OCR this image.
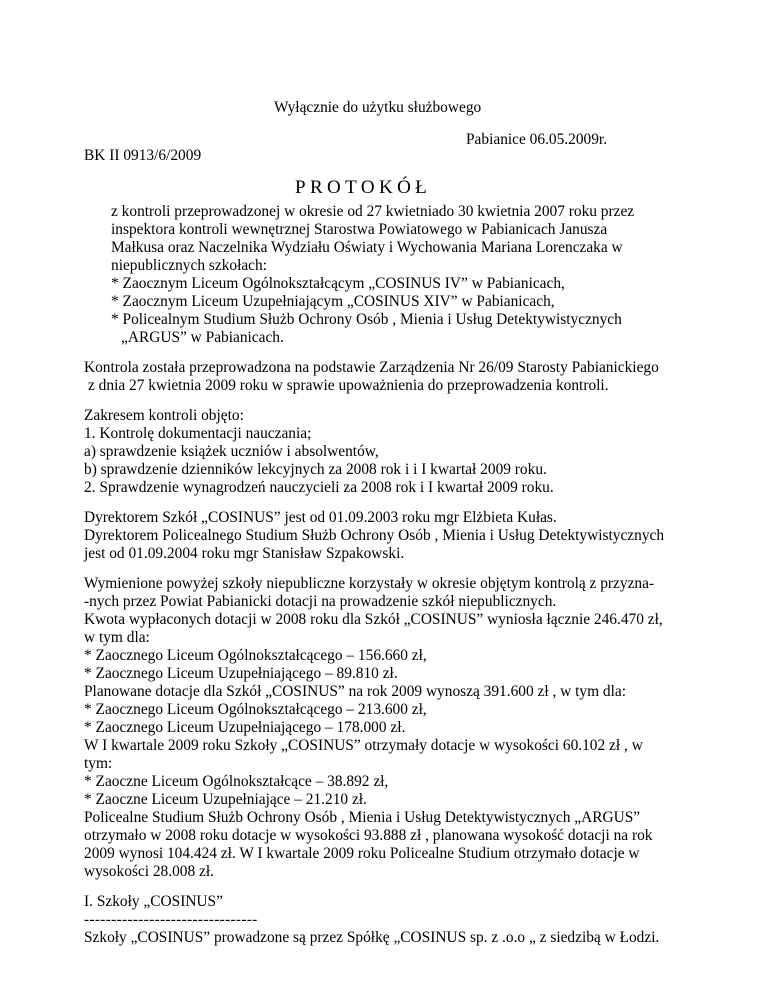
Wyłącznie do użytku służbowego
Pabianice 06.05.2009r.
BK II 0913/6/2009
PROTOKÓŁ
z kontroli przeprowadzonej w okresie od 27 kwietniado 30 kwietnia 2007 roku przez
inspektora kontroli wewnętrznej Starostwa Powiatowego w Pabianicach Janusza
Małkusa oraz Naczelnika Wydziału Oświaty i Wychowania Mariana Lorenczaka w
niepublicznych szkołach:
* Zaocznym Liceum Ogólnokształcącym „COSINUS IV” w Pabianicach,
* Zaocznym Liceum Uzupełniającym „COSINUS XIV” w Pabianicach,
* Policealnym Studium Służb Ochrony Osób , Mienia i Usług Detektywistycznych
„ARGUS” w Pabianicach.
Kontrola została przeprowadzona na podstawie Zarządzenia Nr 26/09 Starosty Pabianickiego
z dnia 27 kwietnia 2009 roku w sprawie upoważnienia do przeprowadzenia kontroli.
Zakresem kontroli objęto:
1. Kontrolę dokumentacji nauczania;
a) sprawdzenie książek uczniów i absolwentów,
b) sprawdzenie dzienników lekcyjnych za 2008 rok i i I kwartał 2009 roku.
2. Sprawdzenie wynagrodzeń nauczycieli za 2008 rok i I kwartał 2009 roku.
Dyrektorem Szkół „COSINUS” jest od 01.09.2003 roku mgr Elżbieta Kułas.
Dyrektorem Policealnego Studium Służb Ochrony Osób , Mienia i Usług Detektywistycznych
jest od 01.09.2004 roku mgr Stanisław Szpakowski.
Wymienione powyżej szkoły niepubliczne korzystały w okresie objętym kontrolą z przyzna-
-nych przez Powiat Pabianicki dotacji na prowadzenie szkół niepublicznych.
Kwota wypłaconych dotacji w 2008 roku dla Szkół „COSINUS” wyniosła łącznie 246.470 zł,
w tym dla:
* Zaocznego Liceum Ogólnokształcącego – 156.660 zł,
* Zaocznego Liceum Uzupełniającego – 89.810 zł.
Planowane dotacje dla Szkół „COSINUS” na rok 2009 wynoszą 391.600 zł , w tym dla:
* Zaocznego Liceum Ogólnokształcącego – 213.600 zł,
* Zaocznego Liceum Uzupełniającego – 178.000 zł.
W I kwartale 2009 roku Szkoły „COSINUS” otrzymały dotacje w wysokości 60.102 zł , w
tym:
* Zaoczne Liceum Ogólnokształcące – 38.892 zł,
* Zaoczne Liceum Uzupełniające – 21.210 zł.
Policealne Studium Służb Ochrony Osób , Mienia i Usług Detektywistycznych „ARGUS”
otrzymało w 2008 roku dotacje w wysokości 93.888 zł , planowana wysokość dotacji na rok
2009 wynosi 104.424 zł. W I kwartale 2009 roku Policealne Studium otrzymało dotacje w
wysokości 28.008 zł.
I. Szkoły „COSINUS”
--------------------------------
Szkoły „COSINUS” prowadzone są przez Spółkę „COSINUS sp. z .o.o „ z siedzibą w Łodzi.
